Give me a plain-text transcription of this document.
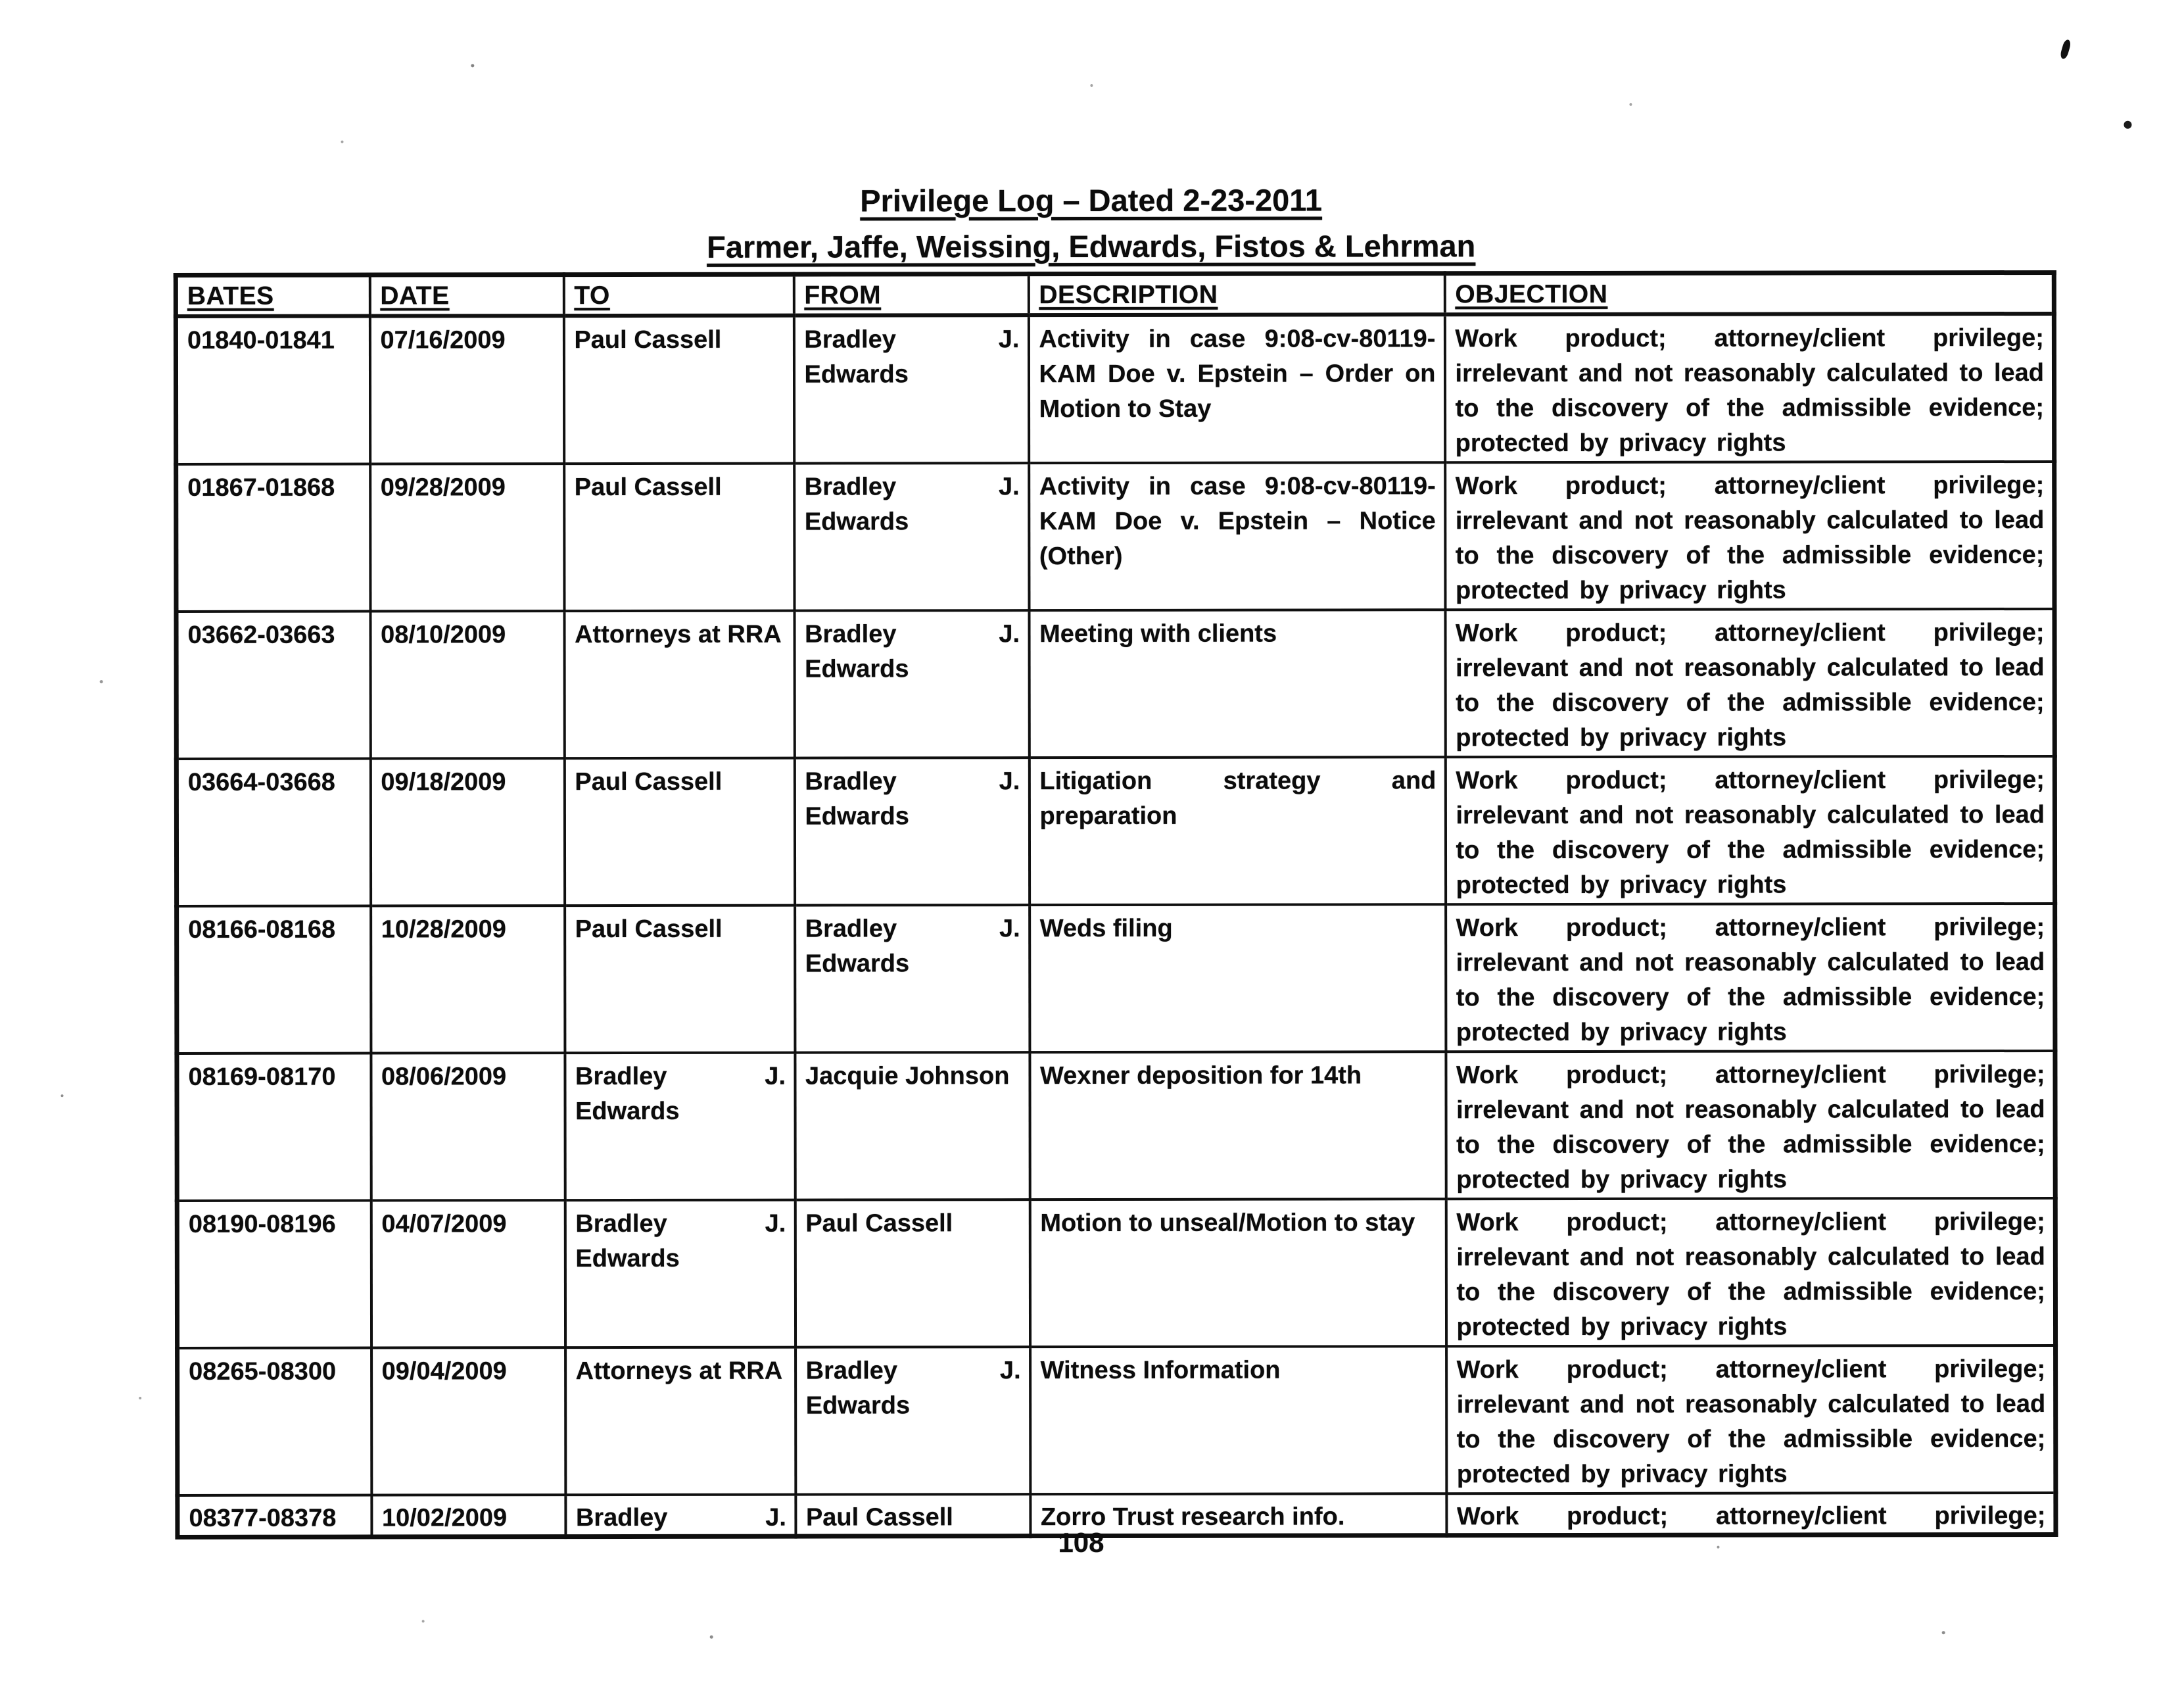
Privilege Log – Dated 2-23-2011
Farmer, Jaffe, Weissing, Edwards, Fistos & Lehrman
BATES	DATE	TO	FROM	DESCRIPTION	OBJECTION

01840-01841	07/16/2009	Paul Cassell	Bradley J. Edwards	Activity in case 9:08-cv-80119-KAM Doe v. Epstein – Order on Motion to Stay	Work product; attorney/client privilege; irrelevant and not reasonably calculated to lead to the discovery of the admissible evidence; protected by privacy rights

01867-01868	09/28/2009	Paul Cassell	Bradley J. Edwards	Activity in case 9:08-cv-80119-KAM Doe v. Epstein – Notice (Other)	Work product; attorney/client privilege; irrelevant and not reasonably calculated to lead to the discovery of the admissible evidence; protected by privacy rights

03662-03663	08/10/2009	Attorneys at RRA	Bradley J. Edwards	Meeting with clients	Work product; attorney/client privilege; irrelevant and not reasonably calculated to lead to the discovery of the admissible evidence; protected by privacy rights

03664-03668	09/18/2009	Paul Cassell	Bradley J. Edwards	Litigation strategy and preparation	Work product; attorney/client privilege; irrelevant and not reasonably calculated to lead to the discovery of the admissible evidence; protected by privacy rights

08166-08168	10/28/2009	Paul Cassell	Bradley J. Edwards	Weds filing	Work product; attorney/client privilege; irrelevant and not reasonably calculated to lead to the discovery of the admissible evidence; protected by privacy rights

08169-08170	08/06/2009	Bradley J. Edwards	Jacquie Johnson	Wexner deposition for 14th	Work product; attorney/client privilege; irrelevant and not reasonably calculated to lead to the discovery of the admissible evidence; protected by privacy rights

08190-08196	04/07/2009	Bradley J. Edwards	Paul Cassell	Motion to unseal/Motion to stay	Work product; attorney/client privilege; irrelevant and not reasonably calculated to lead to the discovery of the admissible evidence; protected by privacy rights

08265-08300	09/04/2009	Attorneys at RRA	Bradley J. Edwards	Witness Information	Work product; attorney/client privilege; irrelevant and not reasonably calculated to lead to the discovery of the admissible evidence; protected by privacy rights

08377-08378	10/02/2009	Bradley J.	Paul Cassell	Zorro Trust research info.	Work product; attorney/client privilege;
108
